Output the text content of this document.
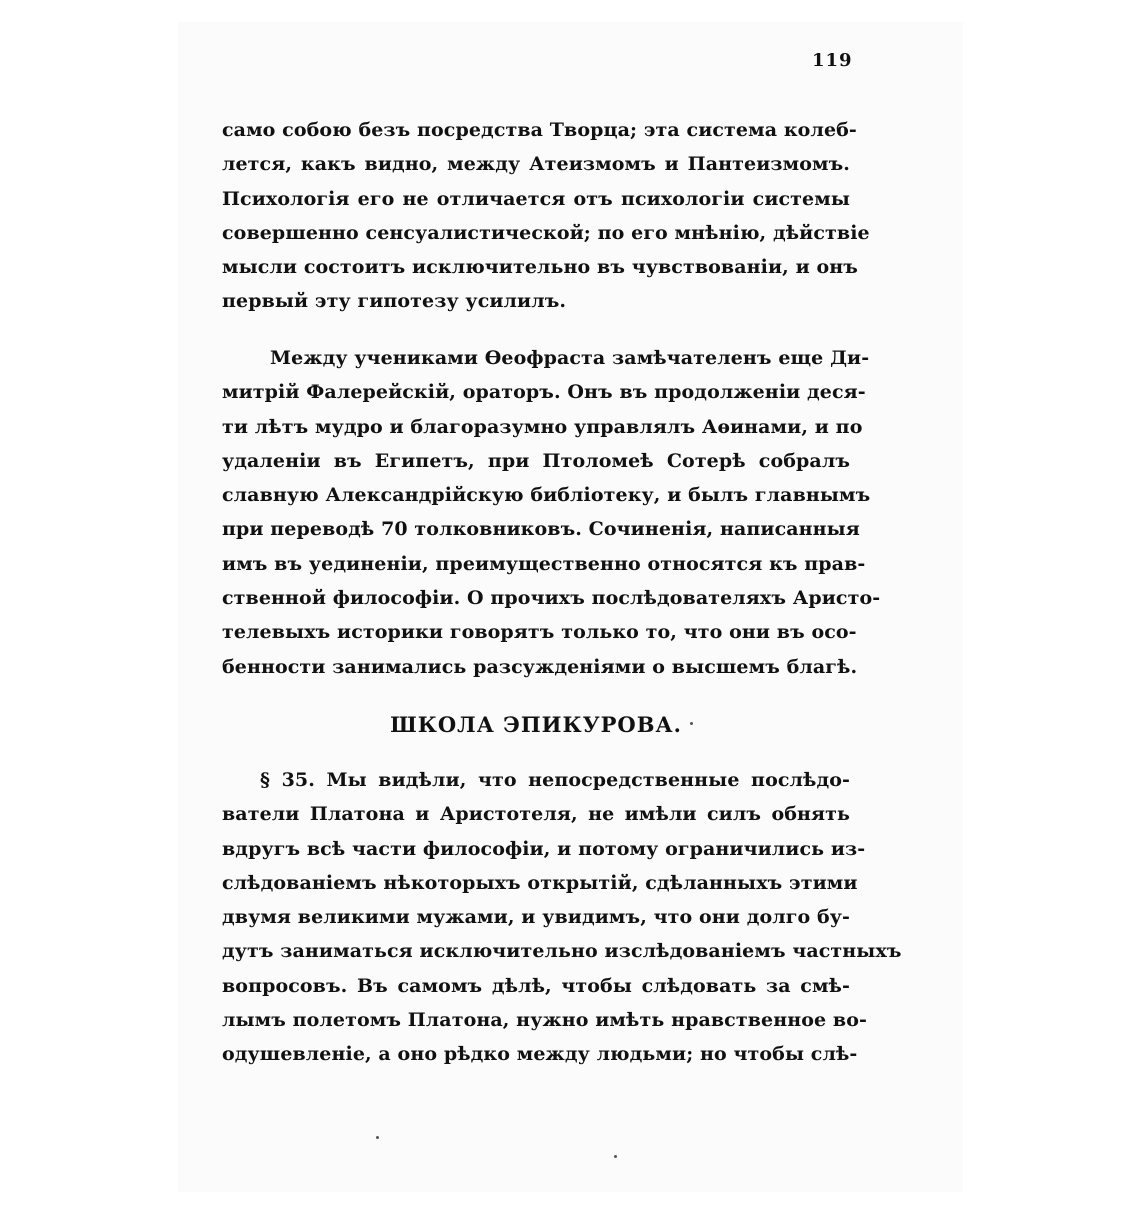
119
само собою безъ посредства Творца; эта система колеб-
лется, какъ видно, между Атеизмомъ и Пантеизмомъ.
Психологія его не отличается отъ психологіи системы
совершенно сенсуалистической; по его мнѣнію, дѣйствіе
мысли состоитъ исключительно въ чувствованіи, и онъ
первый эту гипотезу усилилъ.
Между учениками Ѳеофраста замѣчателенъ еще Ди-
митрій Фалерейскій, ораторъ. Онъ въ продолженіи деся-
ти лѣтъ мудро и благоразумно управлялъ Аѳинами, и по
удаленіи въ Египетъ, при Птоломеѣ Сотерѣ собралъ
славную Александрійскую библіотеку, и былъ главнымъ
при переводѣ 70 толковниковъ. Сочиненія, написанныя
имъ въ уединеніи, преимущественно относятся къ прав-
ственной философіи. О прочихъ послѣдователяхъ Аристо-
телевыхъ историки говорятъ только то, что они въ осо-
бенности занимались разсужденіями о высшемъ благѣ.
ШКОЛА ЭПИКУРОВА.
§ 35. Мы видѣли, что непосредственные послѣдо-
ватели Платона и Аристотеля, не имѣли силъ обнять
вдругъ всѣ части философіи, и потому ограничились из-
слѣдованіемъ нѣкоторыхъ открытій, сдѣланныхъ этими
двумя великими мужами, и увидимъ, что они долго бу-
дутъ заниматься исключительно изслѣдованіемъ частныхъ
вопросовъ. Въ самомъ дѣлѣ, чтобы слѣдовать за смѣ-
лымъ полетомъ Платона, нужно имѣть нравственное во-
одушевленіе, а оно рѣдко между людьми; но чтобы слѣ-
